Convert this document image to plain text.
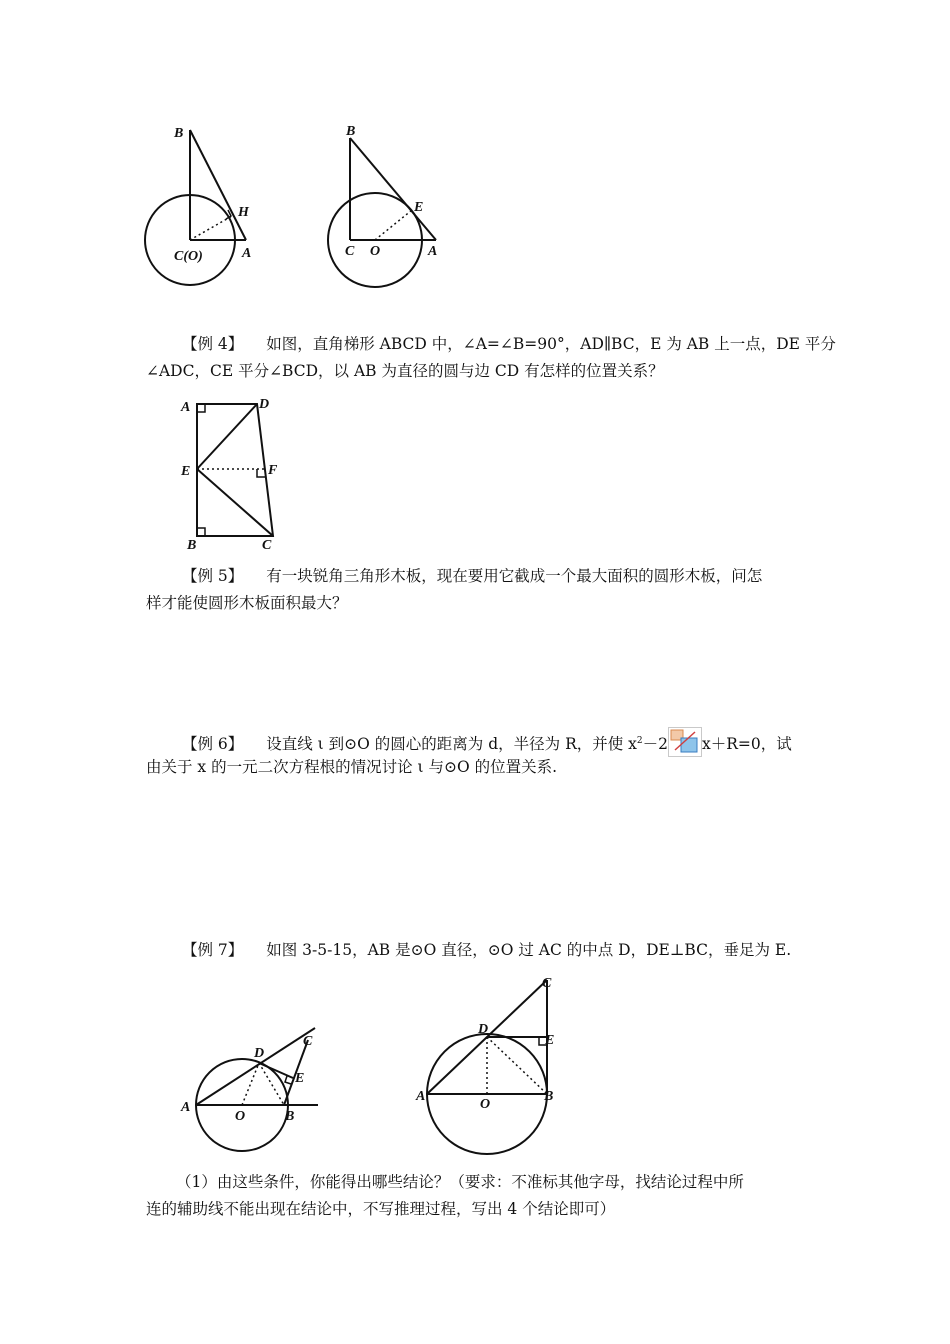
B
H
C(O)	A
B
E
C O	A
【例 4】 如图，直角梯形 ABCD 中，∠A=∠B=90°，AD∥BC，E 为 AB 上一点，DE 平分
∠ADC，CE 平分∠BCD，以 AB 为直径的圆与边 CD 有怎样的位置关系？
A	D
E	F
B	C
【例 5】 有一块锐角三角形木板，现在要用它截成一个最大面积的圆形木板，问怎
样才能使圆形木板面积最大？
【例 6】 设直线 ι 到⊙O 的圆心的距离为 d，半径为 R，并使 $x^2-2$ x＋R=0，试
由关于 x 的一元二次方程根的情况讨论 ι 与⊙O 的位置关系.
【例 7】 如图 3-5-15，AB 是⊙O 直径，⊙O 过 AC 的中点 D，DE⊥BC，垂足为 E.
A
D
C
E
O	B
C
D
E
A
O
B
（1）由这些条件，你能得出哪些结论？（要求：不准标其他字母，找结论过程中所
连的辅助线不能出现在结论中，不写推理过程，写出 4 个结论即可）
